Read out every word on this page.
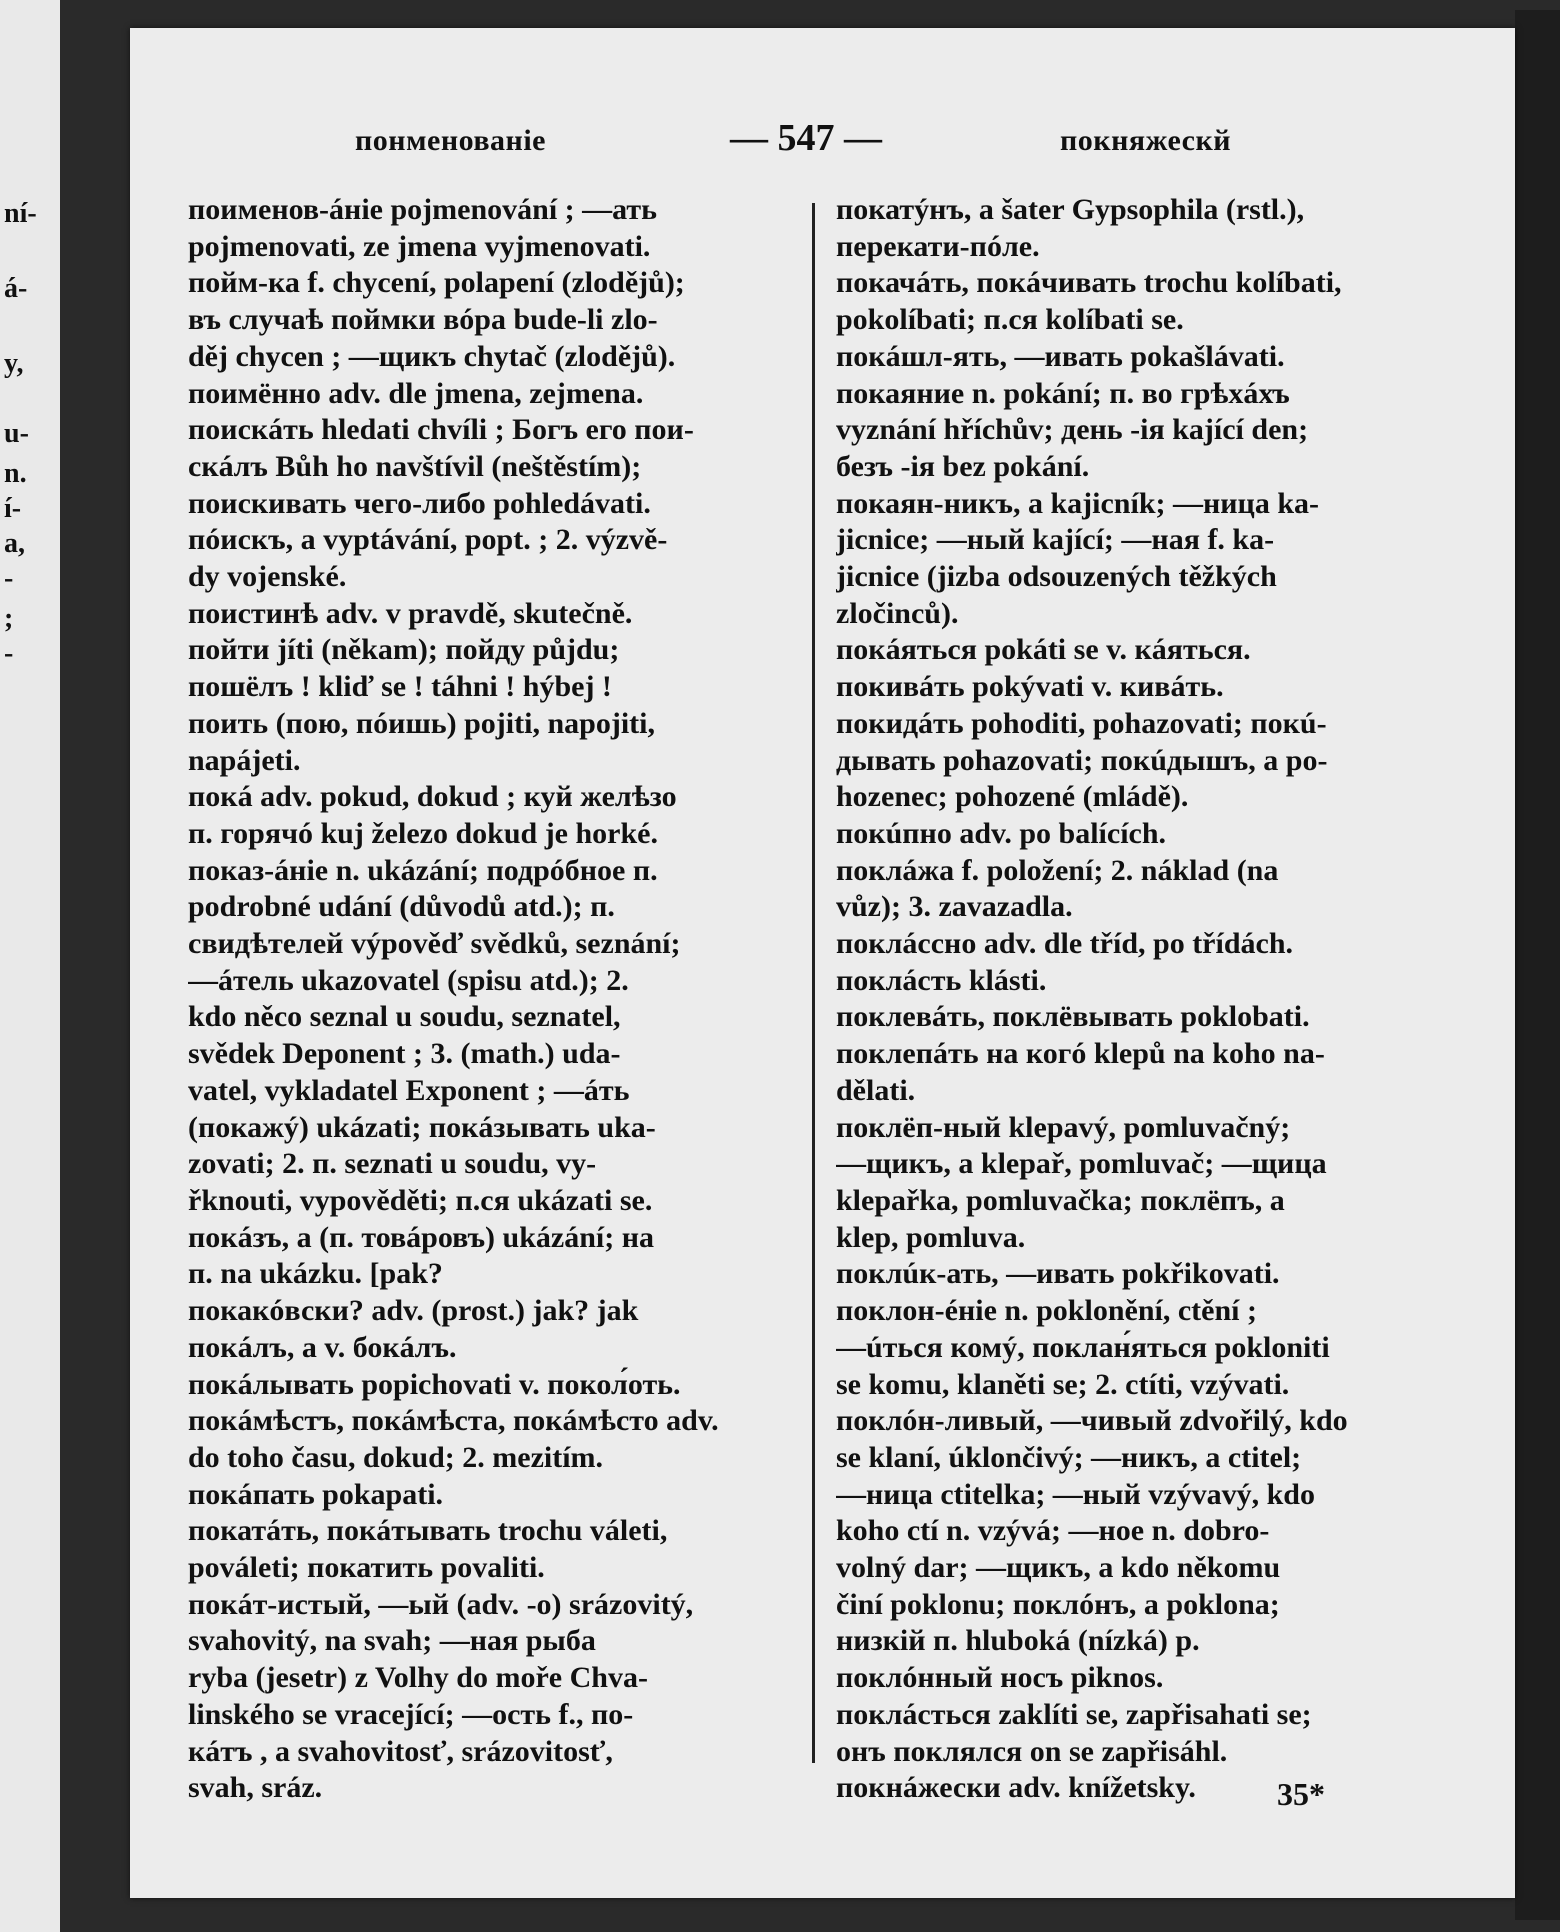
ní-
á-
y,
u-
n.
í-
a,
-
;
-
понменованіе	— 547 —	покняжескй
поименов-áніе pojmenování ; —ать
pojmenovati, ze jmena vyjmenovati.
пойм-ка f. chycení, polapení (zlodějů);
въ случаѣ поймки вóра bude-li zlo-
děj chycen ; —щикъ chytač (zlodějů).
поимённо adv. dle jmena, zejmena.
поискáть hledati chvíli ; Богъ его пои-
скáлъ Bůh ho navštívil (neštěstím);
поискивать чего-либо pohledávati.
пóискъ, a vyptávání, popt. ; 2. výzvě-
dy vojenské.
поистинѣ adv. v pravdě, skutečně.
пойти jíti (někam); пойду půjdu;
пошёлъ ! kliď se ! táhni ! hýbej !
поить (пою, пóишь) pojiti, napojiti,
napájeti.
покá adv. pokud, dokud ; куй желѣзо
п. горячó kuj železo dokud je horké.
показ-áніе n. ukázání; подрóбное п.
podrobné udání (důvodů atd.); п.
свидѣтелей výpověď svědků, seznání;
—áтель ukazovatel (spisu atd.); 2.
kdo něco seznal u soudu, seznatel,
svědek Deponent ; 3. (math.) uda-
vatel, vykladatel Exponent ; —áть
(покажý) ukázati; покáзывать uka-
zovati; 2. п. seznati u soudu, vy-
řknouti, vypověděti; п.ся ukázati se.
покáзъ, a (п. товáровъ) ukázání; на
п. na ukázku. [pak?
покакóвски? adv. (prost.) jak? jak
покáлъ, a v. бокáлъ.
покáлывать popichovati v. покол́оть.
покáмѣстъ, покáмѣста, покáмѣсто adv.
do toho času, dokud; 2. mezitím.
покáпать pokapati.
покатáть, покáтывать trochu váleti,
pováleti; покатить povaliti.
покáт-истый, —ый (adv. -о) srázovitý,
svahovitý, na svah; —ная рыба
ryba (jesetr) z Volhy do moře Chva-
linského se vracející; —ость f., по-
кáтъ , a svahovitosť, srázovitosť,
svah, sráz.
покатýнъ, a šater Gypsophila (rstl.),
перекати-пóле.
покачáть, покáчивать trochu kolíbati,
pokolíbati; п.ся kolíbati se.
покáшл-ять, —ивать pokašlávati.
покаяние n. pokání; п. во грѣхáхъ
vyznání hříchův; день -ія kající den;
безъ -ія bez pokání.
покаян-никъ, a kajicník; —ница ka-
jicnice; —ный kající; —ная f. ka-
jicnice (jizba odsouzených těžkých
zločinců).
покáяться pokáti se v. кáяться.
покивáть pokývati v. кивáть.
покидáть pohoditi, pohazovati; покú-
дывать pohazovati; покúдышъ, a po-
hozenec; pohozené (mládě).
покúпно adv. po balících.
поклáжа f. položení; 2. náklad (na
vůz); 3. zavazadla.
поклáссно adv. dle tříd, po třídách.
поклáсть klásti.
поклевáть, поклёвывать poklobati.
поклепáть на когó klepů na koho na-
dělati.
поклёп-ный klepavý, pomluvačný;
—щикъ, a klepař, pomluvač; —щица
klepařka, pomluvačka; поклёпъ, a
klep, pomluva.
поклúк-ать, —ивать pokřikovati.
поклон-éніе n. poklonění, ctění ;
—úться комý, поклан́яться pokloniti
se komu, klaněti se; 2. ctíti, vzývati.
поклóн-ливый, —чивый zdvořilý, kdo
se klaní, úklončivý; —никъ, a ctitel;
—ница ctitelka; —ный vzývavý, kdo
koho ctí n. vzývá; —ное n. dobro-
volný dar; —щикъ, a kdo někomu
činí poklonu; поклóнъ, a poklona;
низкій п. hluboká (nízká) p.
поклóнный носъ piknos.
поклáсться zaklíti se, zapřisahati se;
онъ поклялся on se zapřisáhl.
покнáжески adv. knížetsky.	35*
